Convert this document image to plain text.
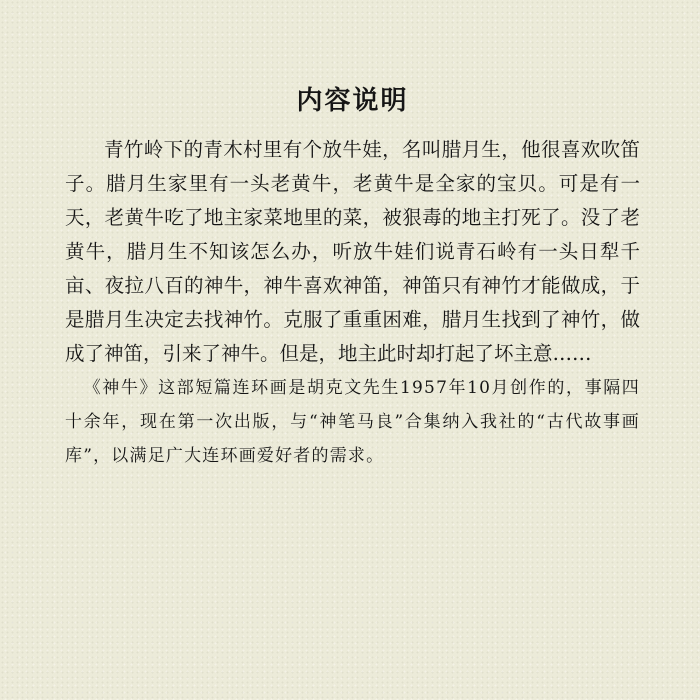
内容说明

青竹岭下的青木村里有个放牛娃，名叫腊月生，他很喜欢吹笛子。腊月生家里有一头老黄牛，老黄牛是全家的宝贝。可是有一天，老黄牛吃了地主家菜地里的菜，被狠毒的地主打死了。没了老黄牛，腊月生不知该怎么办，听放牛娃们说青石岭有一头日犁千亩、夜拉八百的神牛，神牛喜欢神笛，神笛只有神竹才能做成，于是腊月生决定去找神竹。克服了重重困难，腊月生找到了神竹，做成了神笛，引来了神牛。但是，地主此时却打起了坏主意……

《神牛》这部短篇连环画是胡克文先生1957年10月创作的，事隔四十余年，现在第一次出版，与“神笔马良”合集纳入我社的“古代故事画库”，以满足广大连环画爱好者的需求。
